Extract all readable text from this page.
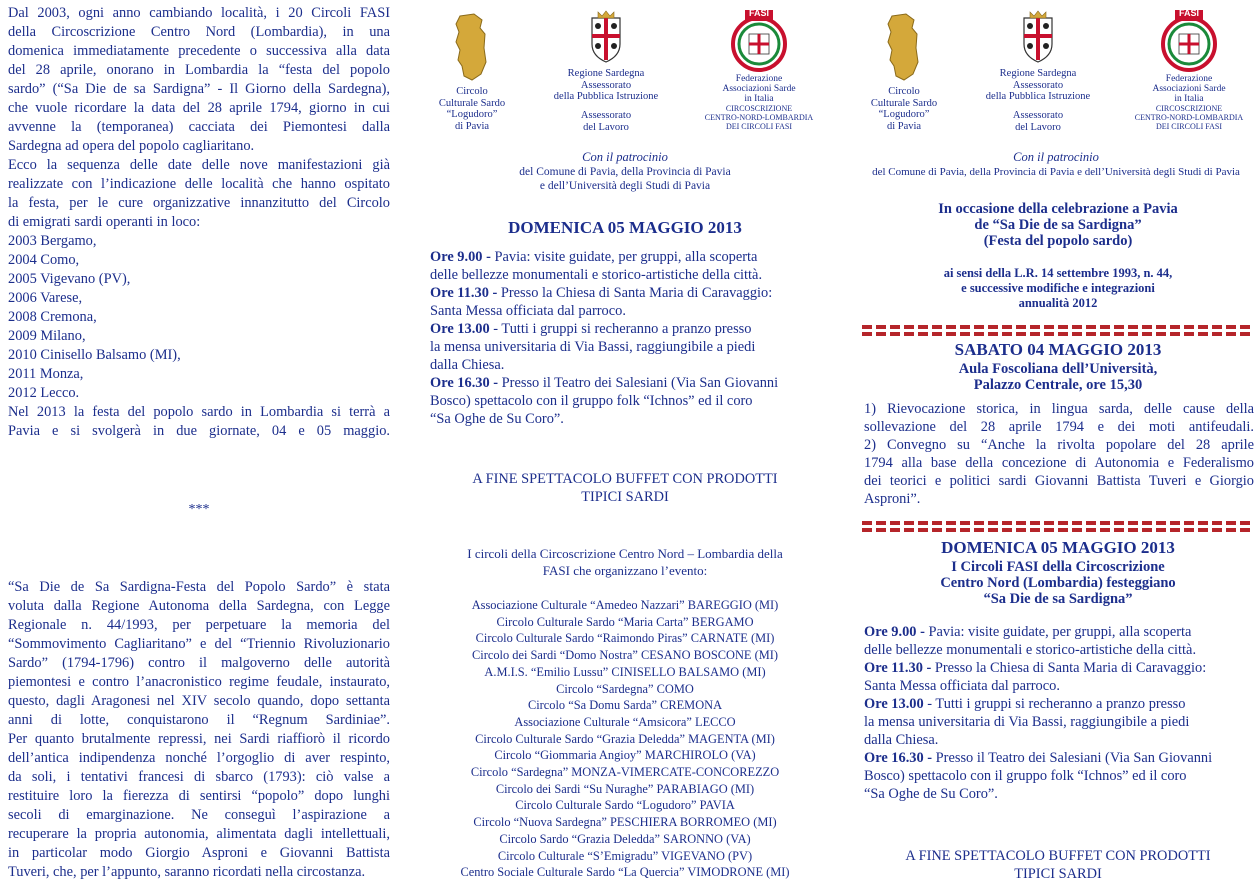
Dal 2003, ogni anno cambiando località, i 20 Circoli FASI
della Circoscrizione Centro Nord (Lombardia), in una
domenica immediatamente precedente o successiva alla data
del 28 aprile, onorano in Lombardia la “festa del popolo
sardo” (“Sa Die de sa Sardigna” - Il Giorno della Sardegna),
che vuole ricordare la data del 28 aprile 1794, giorno in cui
avvenne la (temporanea) cacciata dei Piemontesi dalla
Sardegna ad opera del popolo cagliaritano.
Ecco la sequenza delle date delle nove manifestazioni già
realizzate con l’indicazione delle località che hanno ospitato
la festa, per le cure organizzative innanzitutto del Circolo
di emigrati sardi operanti in loco:
2003 Bergamo,
2004 Como,
2005 Vigevano (PV),
2006 Varese,
2008 Cremona,
2009 Milano,
2010 Cinisello Balsamo (MI),
2011 Monza,
2012 Lecco.
Nel 2013 la festa del popolo sardo in Lombardia si terrà a
Pavia e si svolgerà in due giornate, 04 e 05 maggio.
***
“Sa Die de Sa Sardigna-Festa del Popolo Sardo” è stata
voluta dalla Regione Autonoma della Sardegna, con Legge
Regionale n. 44/1993, per perpetuare la memoria del
“Sommovimento Cagliaritano” e del “Triennio Rivoluzionario
Sardo” (1794-1796) contro il malgoverno delle autorità
piemontesi e contro l’anacronistico regime feudale, instaurato,
questo, dagli Aragonesi nel XIV secolo quando, dopo settanta
anni di lotte, conquistarono il “Regnum Sardiniae”.
Per quanto brutalmente repressi, nei Sardi riaffiorò il ricordo
dell’antica indipendenza nonché l’orgoglio di aver respinto,
da soli, i tentativi francesi di sbarco (1793): ciò valse a
restituire loro la fierezza di sentirsi “popolo” dopo lunghi
secoli di emarginazione. Ne conseguì l’aspirazione a
recuperare la propria autonomia, alimentata dagli intellettuali,
in particolar modo Giorgio Asproni e Giovanni Battista
Tuveri, che, per l’appunto, saranno ricordati nella circostanza.
Circolo
Culturale Sardo
“Logudoro”
di Pavia
Regione Sardegna
Assessorato
della Pubblica Istruzione
Assessorato
del Lavoro
FASI
Federazione
Associazioni Sarde
in Italia
CIRCOSCRIZIONE
CENTRO-NORD-LOMBARDIA
DEI CIRCOLI FASI
Con il patrocinio
del Comune di Pavia, della Provincia di Pavia
e dell’Università degli Studi di Pavia
DOMENICA 05 MAGGIO 2013
Ore 9.00 - Pavia: visite guidate, per gruppi, alla scoperta
delle bellezze monumentali e storico-artistiche della città.
Ore 11.30 - Presso la Chiesa di Santa Maria di Caravaggio:
Santa Messa officiata dal parroco.
Ore 13.00 - Tutti i gruppi si recheranno a pranzo presso
la mensa universitaria di Via Bassi, raggiungibile a piedi
dalla Chiesa.
Ore 16.30 - Presso il Teatro dei Salesiani (Via San Giovanni
Bosco) spettacolo con il gruppo folk “Ichnos” ed il coro
“Sa Oghe de Su Coro”.
A FINE SPETTACOLO BUFFET CON PRODOTTI
TIPICI SARDI
I circoli della Circoscrizione Centro Nord – Lombardia della
FASI che organizzano l’evento:
Associazione Culturale “Amedeo Nazzari” BAREGGIO (MI)
Circolo Culturale Sardo “Maria Carta” BERGAMO
Circolo Culturale Sardo “Raimondo Piras” CARNATE (MI)
Circolo dei Sardi “Domo Nostra” CESANO BOSCONE (MI)
A.M.I.S. “Emilio Lussu” CINISELLO BALSAMO (MI)
Circolo “Sardegna” COMO
Circolo “Sa Domu Sarda” CREMONA
Associazione Culturale “Amsicora” LECCO
Circolo Culturale Sardo “Grazia Deledda” MAGENTA (MI)
Circolo “Giommaria Angioy” MARCHIROLO (VA)
Circolo “Sardegna” MONZA-VIMERCATE-CONCOREZZO
Circolo dei Sardi “Su Nuraghe” PARABIAGO (MI)
Circolo Culturale Sardo “Logudoro” PAVIA
Circolo “Nuova Sardegna” PESCHIERA BORROMEO (MI)
Circolo Sardo “Grazia Deledda” SARONNO (VA)
Circolo Culturale “S’Emigradu” VIGEVANO (PV)
Centro Sociale Culturale Sardo “La Quercia” VIMODRONE (MI)
Circolo
Culturale Sardo
“Logudoro”
di Pavia
Regione Sardegna
Assessorato
della Pubblica Istruzione
Assessorato
del Lavoro
FASI
Federazione
Associazioni Sarde
in Italia
CIRCOSCRIZIONE
CENTRO-NORD-LOMBARDIA
DEI CIRCOLI FASI
Con il patrocinio
del Comune di Pavia, della Provincia di Pavia e dell’Università degli Studi di Pavia
In occasione della celebrazione a Pavia
de “Sa Die de sa Sardigna”
(Festa del popolo sardo)
ai sensi della L.R. 14 settembre 1993, n. 44,
e successive modifiche e integrazioni
annualità 2012
SABATO 04 MAGGIO 2013
Aula Foscoliana dell’Università,
Palazzo Centrale, ore 15,30
1) Rievocazione storica, in lingua sarda, delle cause della
sollevazione del 28 aprile 1794 e dei moti antifeudali.
2) Convegno su “Anche la rivolta popolare del 28 aprile
1794 alla base della concezione di Autonomia e Federalismo
dei teorici e politici sardi Giovanni Battista Tuveri e Giorgio
Asproni”.
DOMENICA 05 MAGGIO 2013
I Circoli FASI della Circoscrizione
Centro Nord (Lombardia) festeggiano
“Sa Die de sa Sardigna”
Ore 9.00 - Pavia: visite guidate, per gruppi, alla scoperta
delle bellezze monumentali e storico-artistiche della città.
Ore 11.30 - Presso la Chiesa di Santa Maria di Caravaggio:
Santa Messa officiata dal parroco.
Ore 13.00 - Tutti i gruppi si recheranno a pranzo presso
la mensa universitaria di Via Bassi, raggiungibile a piedi
dalla Chiesa.
Ore 16.30 - Presso il Teatro dei Salesiani (Via San Giovanni
Bosco) spettacolo con il gruppo folk “Ichnos” ed il coro
“Sa Oghe de Su Coro”.
A FINE SPETTACOLO BUFFET CON PRODOTTI
TIPICI SARDI
